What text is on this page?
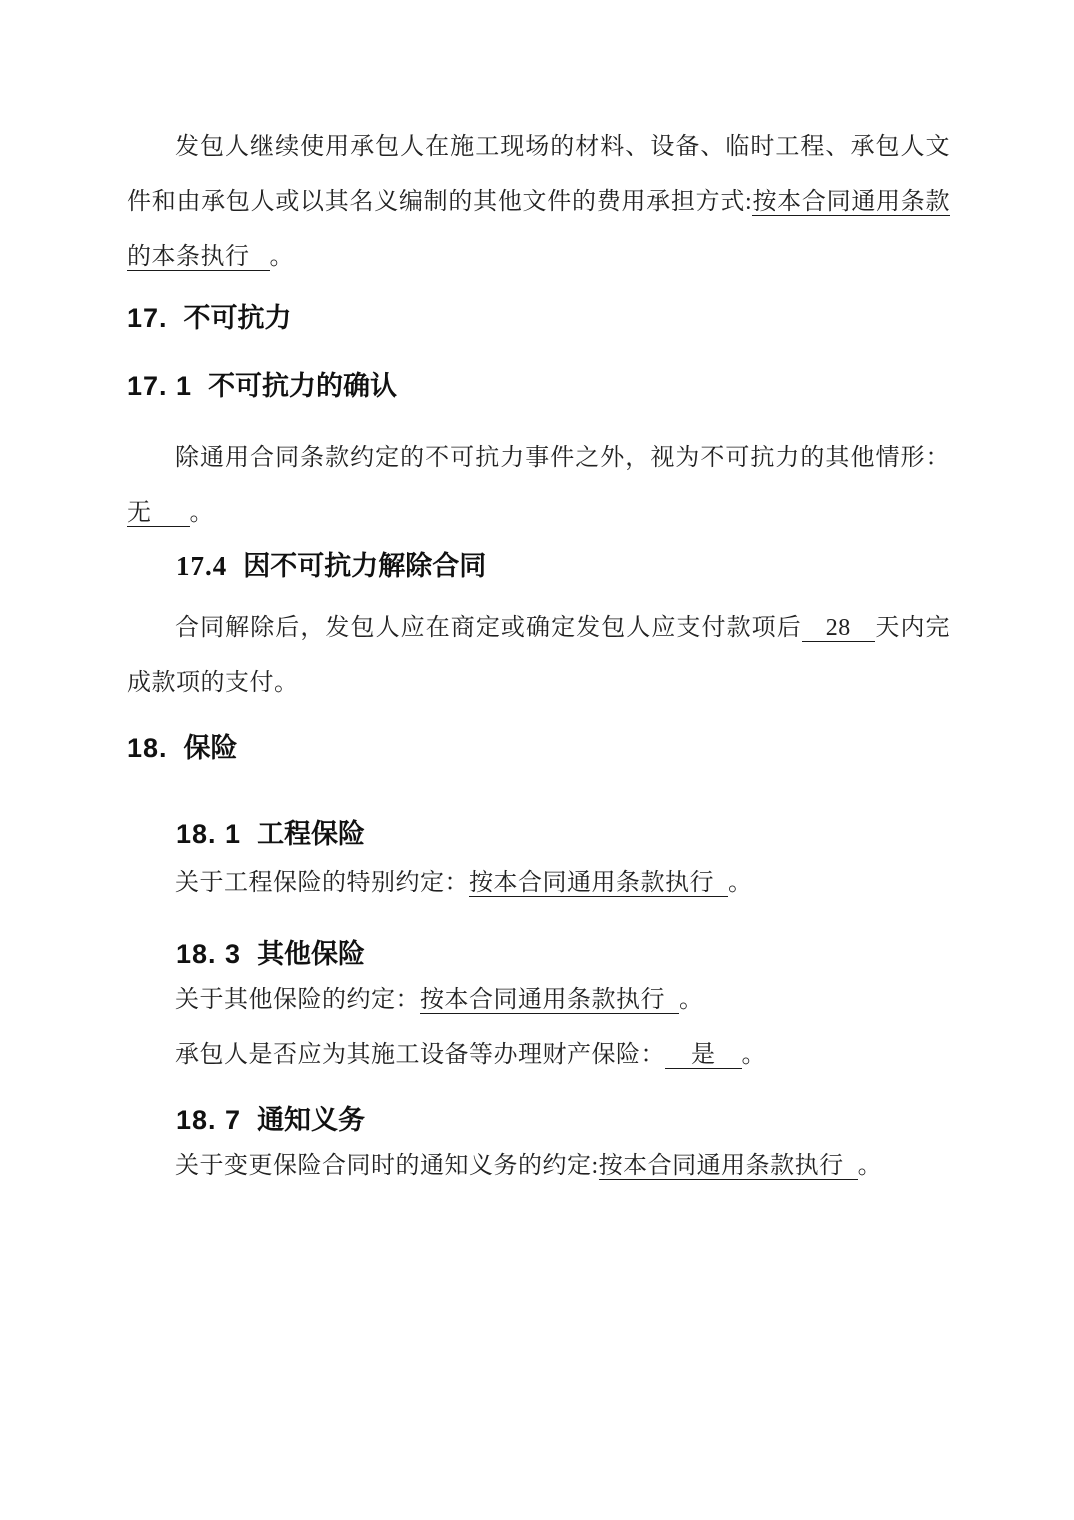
发包人继续使用承包人在施工现场的材料、设备、临时工程、承包人文件和由承包人或以其名义编制的其他文件的费用承担方式:按本合同通用条款的本条执行 。

17. 不可抗力
17. 1 不可抗力的确认

除通用合同条款约定的不可抗力事件之外，视为不可抗力的其他情形：无 。

17.4 因不可抗力解除合同

合同解除后，发包人应在商定或确定发包人应支付款项后 28 天内完成款项的支付。

18. 保险
18. 1 工程保险

关于工程保险的特别约定：按本合同通用条款执行 。

18. 3 其他保险

关于其他保险的约定：按本合同通用条款执行 。

承包人是否应为其施工设备等办理财产保险： 是 。

18. 7 通知义务

关于变更保险合同时的通知义务的约定:按本合同通用条款执行 。
